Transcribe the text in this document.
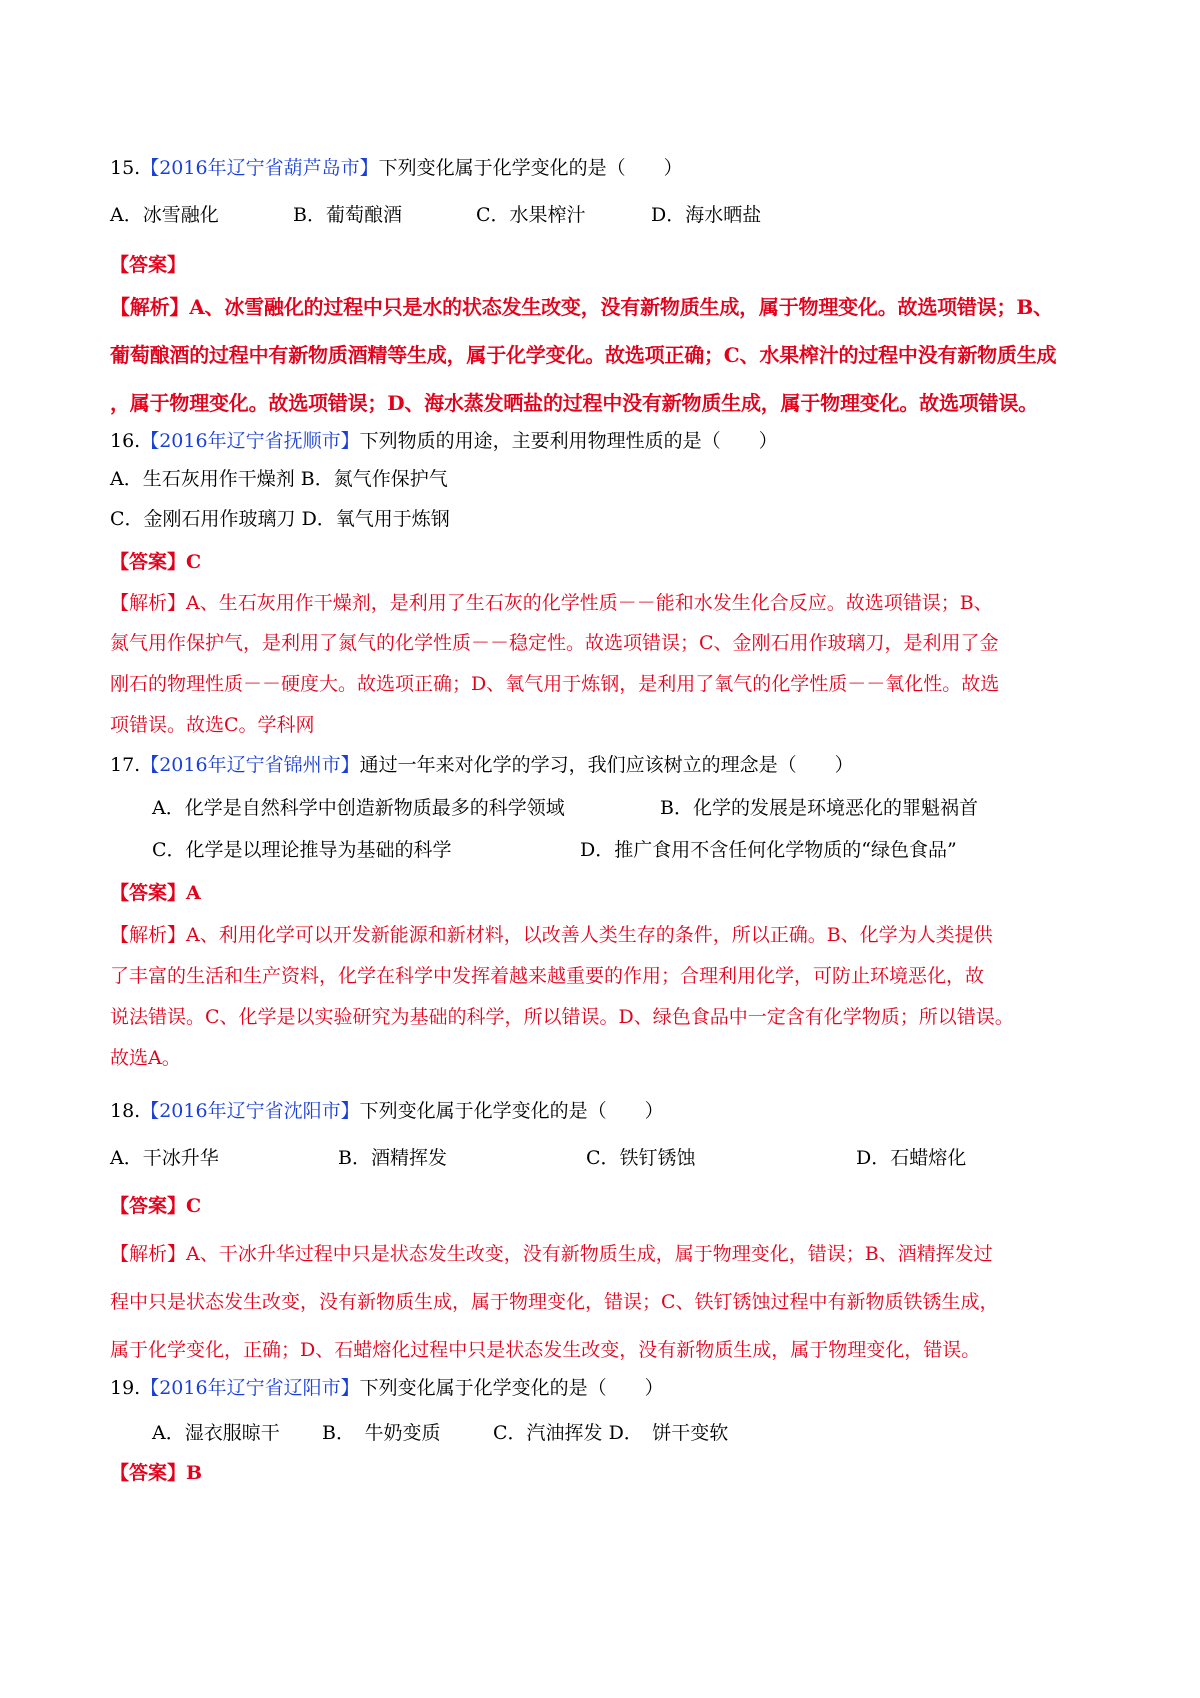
15.【2016年辽宁省葫芦岛市】下列变化属于化学变化的是（　　）
A．冰雪融化	B．葡萄酿酒	C．水果榨汁	D．海水晒盐
【答案】
【解析】A、冰雪融化的过程中只是水的状态发生改变，没有新物质生成，属于物理变化。故选项错误；B、
葡萄酿酒的过程中有新物质酒精等生成，属于化学变化。故选项正确；C、水果榨汁的过程中没有新物质生成
，属于物理变化。故选项错误；D、海水蒸发晒盐的过程中没有新物质生成，属于物理变化。故选项错误。
16.【2016年辽宁省抚顺市】下列物质的用途，主要利用物理性质的是（　　）
A．生石灰用作干燥剂 B．氮气作保护气
C．金刚石用作玻璃刀 D．氧气用于炼钢
【答案】C
【解析】A、生石灰用作干燥剂，是利用了生石灰的化学性质－－能和水发生化合反应。故选项错误；B、
氮气用作保护气，是利用了氮气的化学性质－－稳定性。故选项错误；C、金刚石用作玻璃刀，是利用了金
刚石的物理性质－－硬度大。故选项正确；D、氧气用于炼钢，是利用了氧气的化学性质－－氧化性。故选
项错误。故选C。学科网
17.【2016年辽宁省锦州市】通过一年来对化学的学习，我们应该树立的理念是（　　）
A．化学是自然科学中创造新物质最多的科学领域	B．化学的发展是环境恶化的罪魁祸首
C．化学是以理论推导为基础的科学	D．推广食用不含任何化学物质的“绿色食品”
【答案】A
【解析】A、利用化学可以开发新能源和新材料，以改善人类生存的条件，所以正确。B、化学为人类提供
了丰富的生活和生产资料，化学在科学中发挥着越来越重要的作用；合理利用化学，可防止环境恶化，故
说法错误。C、化学是以实验研究为基础的科学，所以错误。D、绿色食品中一定含有化学物质；所以错误。
故选A。
18.【2016年辽宁省沈阳市】下列变化属于化学变化的是（　　）
A．干冰升华	B．酒精挥发	C．铁钉锈蚀	D．石蜡熔化
【答案】C
【解析】A、干冰升华过程中只是状态发生改变，没有新物质生成，属于物理变化，错误；B、酒精挥发过
程中只是状态发生改变，没有新物质生成，属于物理变化，错误；C、铁钉锈蚀过程中有新物质铁锈生成，
属于化学变化，正确；D、石蜡熔化过程中只是状态发生改变，没有新物质生成，属于物理变化，错误。
19.【2016年辽宁省辽阳市】下列变化属于化学变化的是（　　）
A．湿衣服晾干 B．　牛奶变质	C．汽油挥发 D．　饼干变软
【答案】B
